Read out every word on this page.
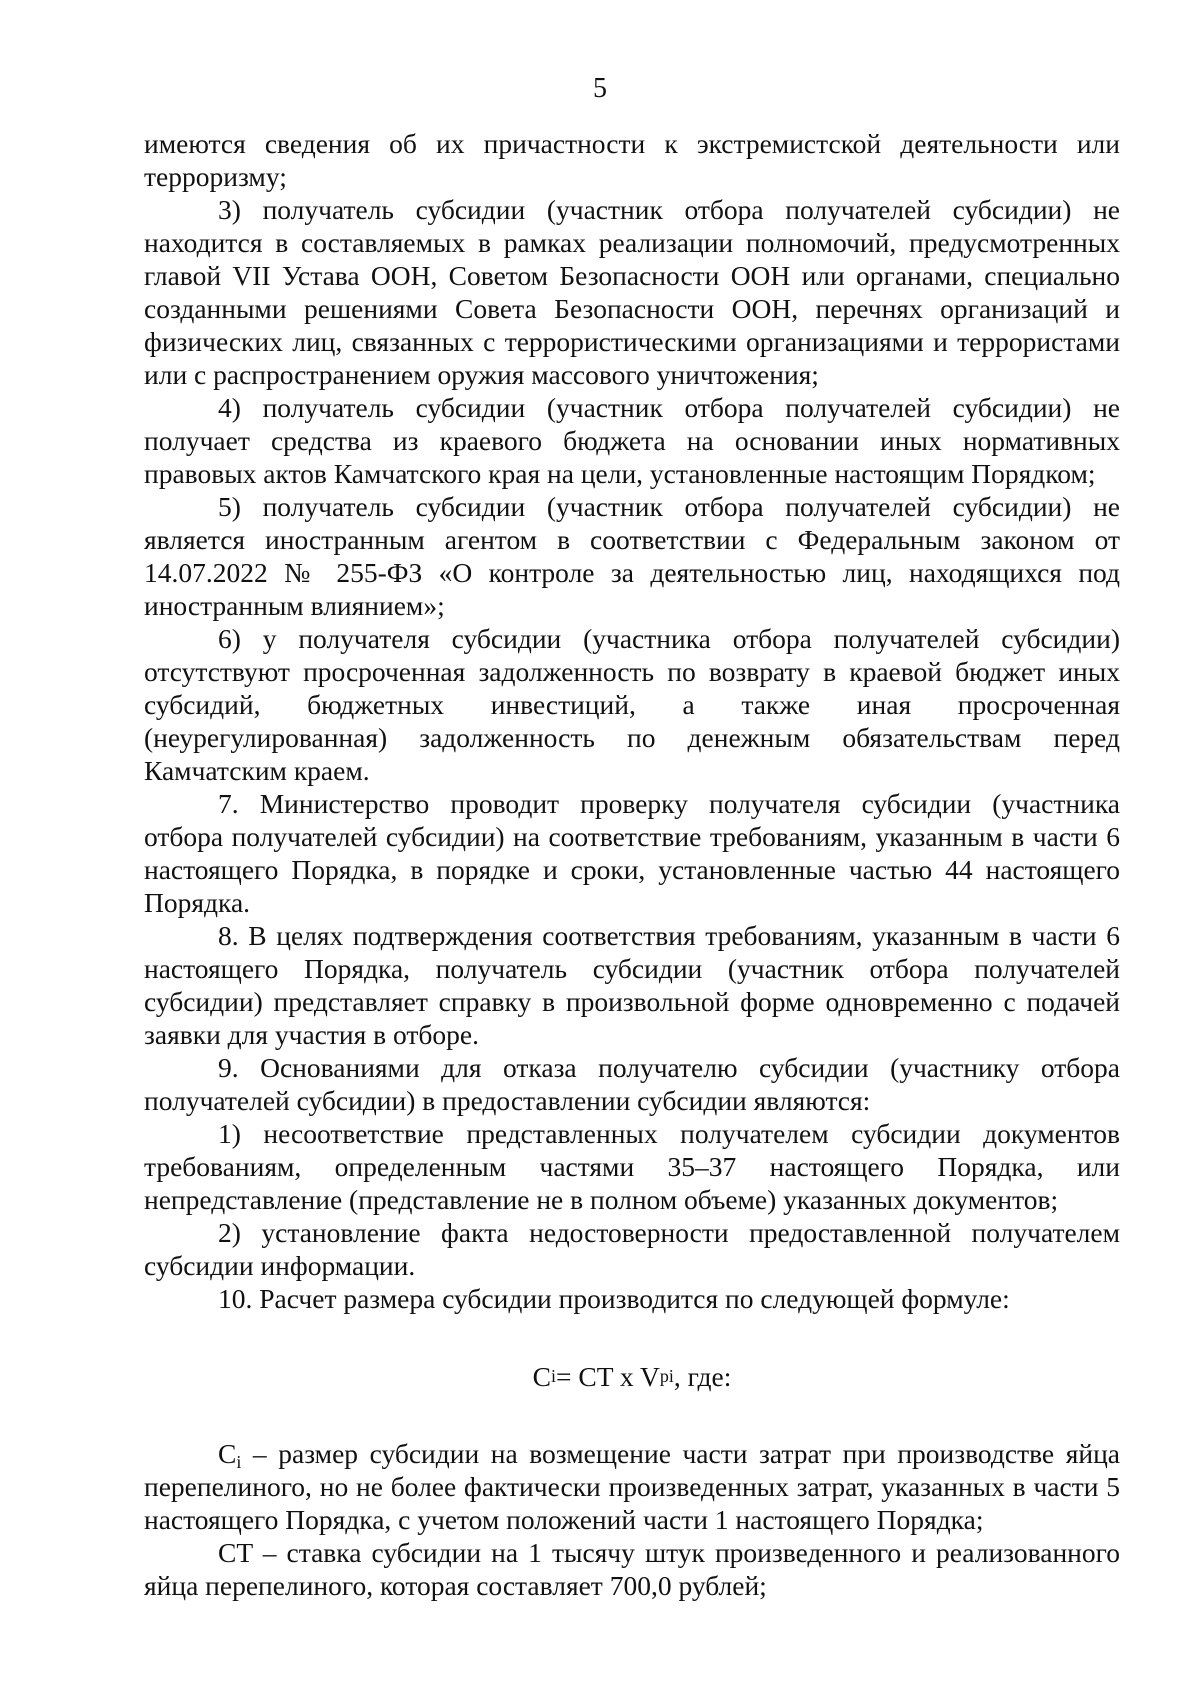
5

имеются сведения об их причастности к экстремистской деятельности или терроризму;

3) получатель субсидии (участник отбора получателей субсидии) не находится в составляемых в рамках реализации полномочий, предусмотренных главой VII Устава ООН, Советом Безопасности ООН или органами, специально созданными решениями Совета Безопасности ООН, перечнях организаций и физических лиц, связанных с террористическими организациями и террористами или с распространением оружия массового уничтожения;

4) получатель субсидии (участник отбора получателей субсидии) не получает средства из краевого бюджета на основании иных нормативных правовых актов Камчатского края на цели, установленные настоящим Порядком;

5) получатель субсидии (участник отбора получателей субсидии) не является иностранным агентом в соответствии с Федеральным законом от 14.07.2022 № 255-ФЗ «О контроле за деятельностью лиц, находящихся под иностранным влиянием»;

6) у получателя субсидии (участника отбора получателей субсидии) отсутствуют просроченная задолженность по возврату в краевой бюджет иных субсидий, бюджетных инвестиций, а также иная просроченная (неурегулированная) задолженность по денежным обязательствам перед Камчатским краем.

7. Министерство проводит проверку получателя субсидии (участника отбора получателей субсидии) на соответствие требованиям, указанным в части 6 настоящего Порядка, в порядке и сроки, установленные частью 44 настоящего Порядка.

8. В целях подтверждения соответствия требованиям, указанным в части 6 настоящего Порядка, получатель субсидии (участник отбора получателей субсидии) представляет справку в произвольной форме одновременно с подачей заявки для участия в отборе.

9. Основаниями для отказа получателю субсидии (участнику отбора получателей субсидии) в предоставлении субсидии являются:

1) несоответствие представленных получателем субсидии документов требованиям, определенным частями 35–37 настоящего Порядка, или непредставление (представление не в полном объеме) указанных документов;

2) установление факта недостоверности предоставленной получателем субсидии информации.

10. Расчет размера субсидии производится по следующей формуле:

C i = CT x V pi , где:

$C_i$ – размер субсидии на возмещение части затрат при производстве яйца перепелиного, но не более фактически произведенных затрат, указанных в части 5 настоящего Порядка, с учетом положений части 1 настоящего Порядка;

CT – ставка субсидии на 1 тысячу штук произведенного и реализованного яйца перепелиного, которая составляет 700,0 рублей;
